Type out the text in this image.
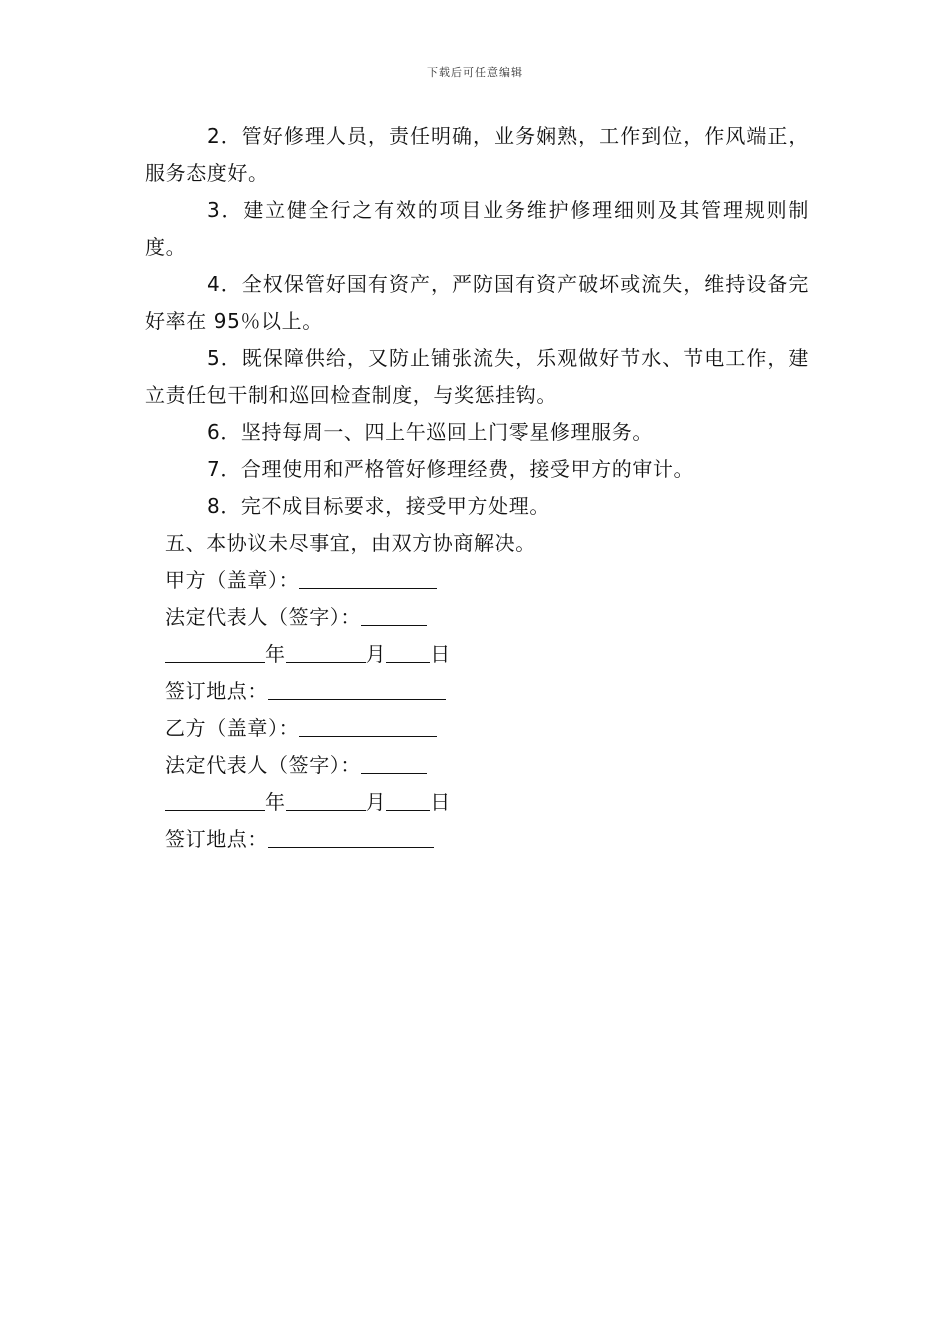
下载后可任意编辑

2．管好修理人员，责任明确，业务娴熟，工作到位，作风端正，服务态度好。

3．建立健全行之有效的项目业务维护修理细则及其管理规则制度。

4．全权保管好国有资产，严防国有资产破坏或流失，维持设备完好率在 95％以上。

5．既保障供给，又防止铺张流失，乐观做好节水、节电工作，建立责任包干制和巡回检查制度，与奖惩挂钩。

6．坚持每周一、四上午巡回上门零星修理服务。

7．合理使用和严格管好修理经费，接受甲方的审计。

8．完不成目标要求，接受甲方处理。

五、本协议未尽事宜，由双方协商解决。

甲方（盖章）：

法定代表人（签字）：

年	月 日

签订地点：

乙方（盖章）：

法定代表人（签字）：

年	月 日

签订地点：
